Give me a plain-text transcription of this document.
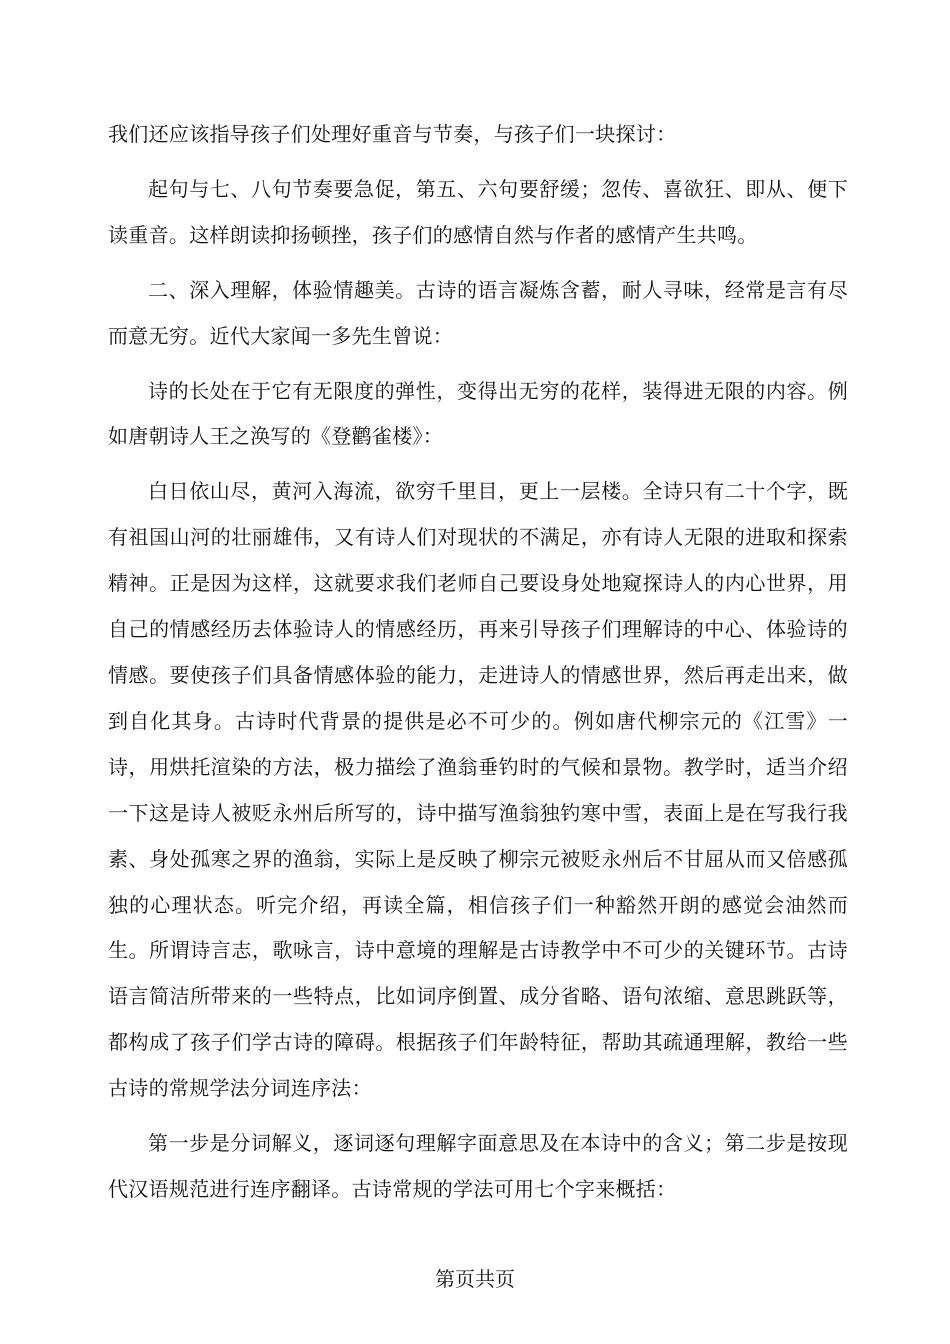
我们还应该指导孩子们处理好重音与节奏，与孩子们一块探讨：

起句与七、八句节奏要急促，第五、六句要舒缓；忽传、喜欲狂、即从、便下读重音。这样朗读抑扬顿挫，孩子们的感情自然与作者的感情产生共鸣。

二、深入理解，体验情趣美。古诗的语言凝炼含蓄，耐人寻味，经常是言有尽而意无穷。近代大家闻一多先生曾说：

诗的长处在于它有无限度的弹性，变得出无穷的花样，装得进无限的内容。例如唐朝诗人王之涣写的《登鹳雀楼》：

白日依山尽，黄河入海流，欲穷千里目，更上一层楼。全诗只有二十个字，既有祖国山河的壮丽雄伟，又有诗人们对现状的不满足，亦有诗人无限的进取和探索精神。正是因为这样，这就要求我们老师自己要设身处地窥探诗人的内心世界，用自己的情感经历去体验诗人的情感经历，再来引导孩子们理解诗的中心、体验诗的情感。要使孩子们具备情感体验的能力，走进诗人的情感世界，然后再走出来，做到自化其身。古诗时代背景的提供是必不可少的。例如唐代柳宗元的《江雪》一诗，用烘托渲染的方法，极力描绘了渔翁垂钓时的气候和景物。教学时，适当介绍一下这是诗人被贬永州后所写的，诗中描写渔翁独钓寒中雪，表面上是在写我行我素、身处孤寒之界的渔翁，实际上是反映了柳宗元被贬永州后不甘屈从而又倍感孤独的心理状态。听完介绍，再读全篇，相信孩子们一种豁然开朗的感觉会油然而生。所谓诗言志，歌咏言，诗中意境的理解是古诗教学中不可少的关键环节。古诗语言简洁所带来的一些特点，比如词序倒置、成分省略、语句浓缩、意思跳跃等，都构成了孩子们学古诗的障碍。根据孩子们年龄特征，帮助其疏通理解，教给一些古诗的常规学法分词连序法：

第一步是分词解义，逐词逐句理解字面意思及在本诗中的含义；第二步是按现代汉语规范进行连序翻译。古诗常规的学法可用七个字来概括：

第页共页
